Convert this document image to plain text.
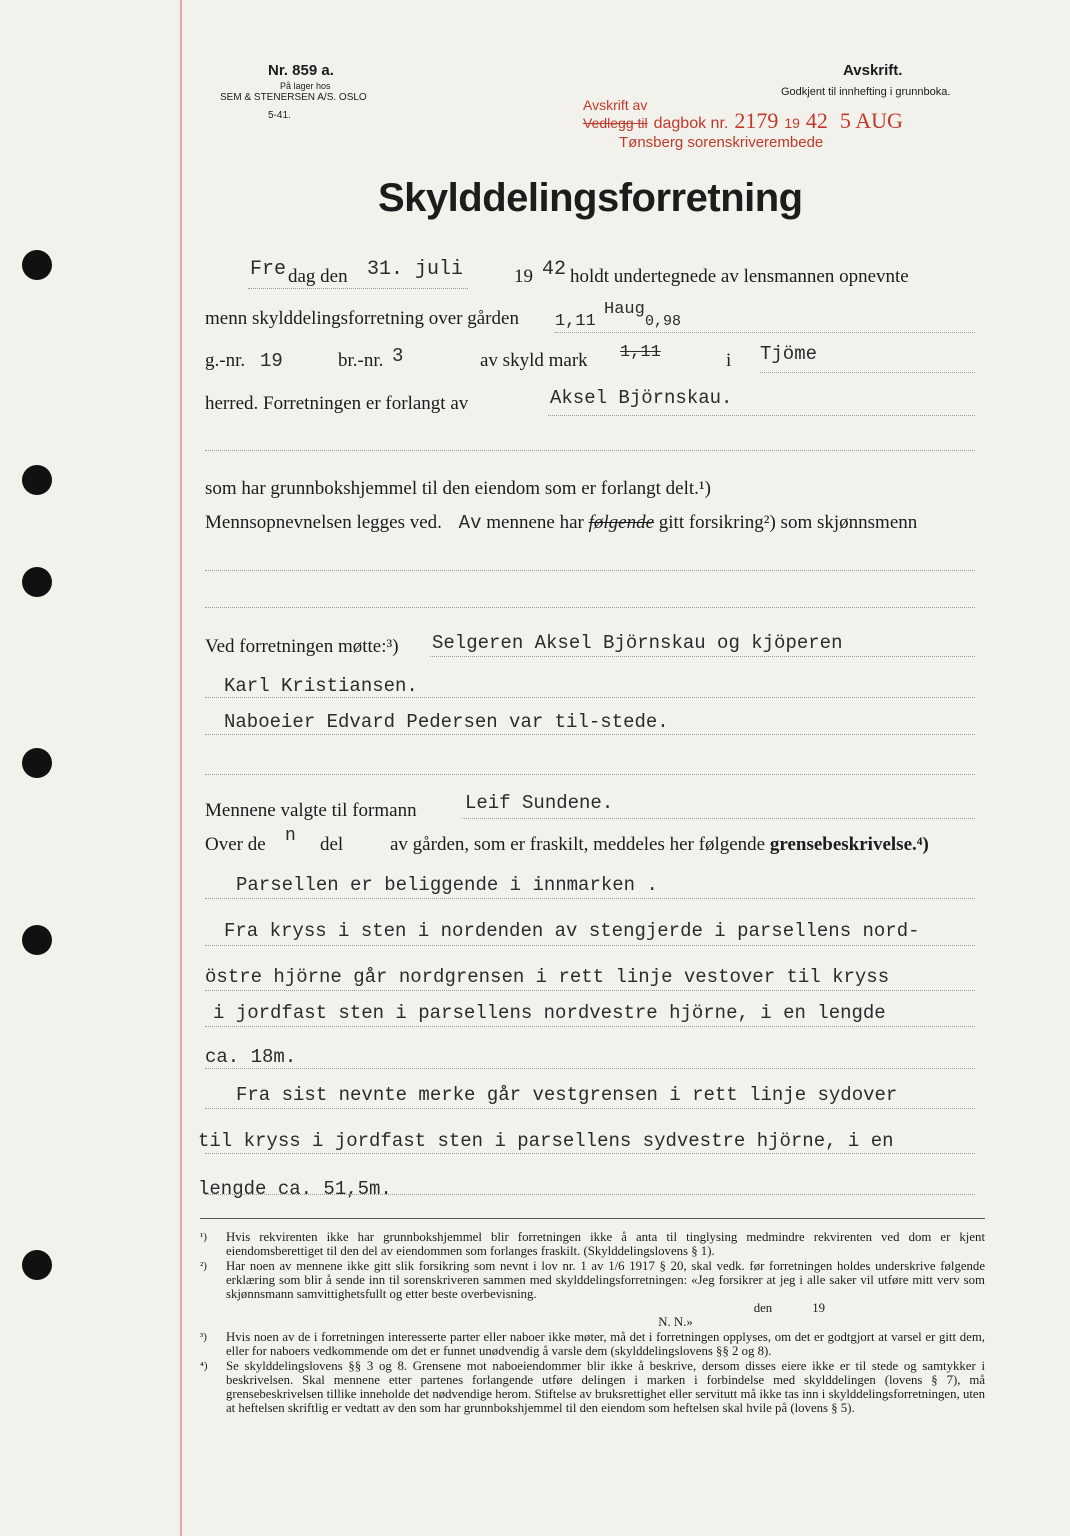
Nr. 859 a.
På lager hos
SEM & STENERSEN A/S. OSLO
5-41.
Avskrift.
Godkjent til innhefting i grunnboka.
Avskrift av
Vedlegg til dagbok nr. 2179 19 42 5 AUG
Tønsberg sorenskriverembede
Skylddelingsforretning
Fre dag den 31. juli	19 42 holdt undertegnede av lensmannen opnevnte
menn skylddelingsforretning over gården 1,11
Haug
0,98
g.-nr. 19	br.-nr. 3	av skyld mark 1,11	i Tjöme
herred. Forretningen er forlangt av	Aksel Björnskau.
som har grunnbokshjemmel til den eiendom som er forlangt delt.¹)
Mennsopnevnelsen legges ved. Av mennene har følgende gitt forsikring²) som skjønnsmenn
Ved forretningen møtte:³) Selgeren Aksel Björnskau og kjöperen
Karl Kristiansen.
Naboeier Edvard Pedersen var til-stede.
Mennene valgte til formann	Leif Sundene.
Over de n del av gården, som er fraskilt, meddeles her følgende grensebeskrivelse.⁴)
Parsellen er beliggende i innmarken .
Fra kryss i sten i nordenden av stengjerde i parsellens nord-
östre hjörne går nordgrensen i rett linje vestover til kryss
i jordfast sten i parsellens nordvestre hjörne, i en lengde
ca. 18m.
Fra sist nevnte merke går vestgrensen i rett linje sydover
til kryss i jordfast sten i parsellens sydvestre hjörne, i en
lengde ca. 51,5m.
¹)	Hvis rekvirenten ikke har grunnbokshjemmel blir forretningen ikke å anta til tinglysing medmindre rekvirenten ved dom er kjent eiendomsberettiget til den del av eiendommen som forlanges fraskilt. (Skylddelingslovens § 1).
²)	Har noen av mennene ikke gitt slik forsikring som nevnt i lov nr. 1 av 1/6 1917 § 20, skal vedk. før forretningen holdes underskrive følgende erklæring som blir å sende inn til sorenskriveren sammen med skylddelingsforretningen: «Jeg forsikrer at jeg i alle saker vil utføre mitt verv som skjønnsmann samvittighetsfullt og etter beste overbevisning.
den	19
N. N.»
³)	Hvis noen av de i forretningen interesserte parter eller naboer ikke møter, må det i forretningen opplyses, om det er godtgjort at varsel er gitt dem, eller for naboers vedkommende om det er funnet unødvendig å varsle dem (skylddelingslovens §§ 2 og 8).
⁴)	Se skylddelingslovens §§ 3 og 8. Grensene mot naboeiendommer blir ikke å beskrive, dersom disses eiere ikke er til stede og samtykker i beskrivelsen. Skal mennene etter partenes forlangende utføre delingen i marken i forbindelse med skylddelingen (lovens § 7), må grensebeskrivelsen tillike inneholde det nødvendige herom. Stiftelse av bruksrettighet eller servitutt må ikke tas inn i skylddelingsforretningen, uten at heftelsen skriftlig er vedtatt av den som har grunnbokshjemmel til den eiendom som heftelsen skal hvile på (lovens § 5).
